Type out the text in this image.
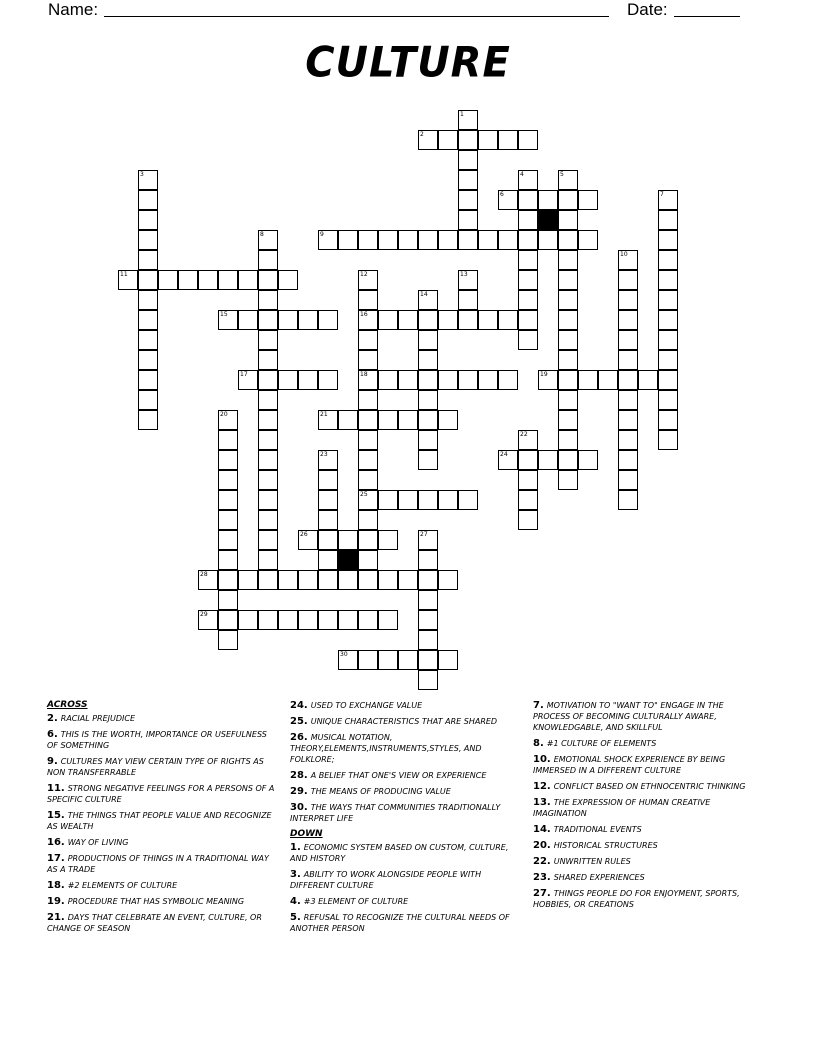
Name:	Date:
CULTURE
1
2
3	4	5
6	7
8	9
10
11	12
16
18
25
13
14
15
17	19
20	21
22
23	24
26	27
28
29
30
ACROSS
2. RACIAL PREJUDICE
6. THIS IS THE WORTH, IMPORTANCE OR USEFULNESS OF SOMETHING
9. CULTURES MAY VIEW CERTAIN TYPE OF RIGHTS AS NON TRANSFERRABLE
11. STRONG NEGATIVE FEELINGS FOR A PERSONS OF A SPECIFIC CULTURE
15. THE THINGS THAT PEOPLE VALUE AND RECOGNIZE AS WEALTH
16. WAY OF LIVING
17. PRODUCTIONS OF THINGS IN A TRADITIONAL WAY AS A TRADE
18. #2 ELEMENTS OF CULTURE
19. PROCEDURE THAT HAS SYMBOLIC MEANING
21. DAYS THAT CELEBRATE AN EVENT, CULTURE, OR CHANGE OF SEASON
24. USED TO EXCHANGE VALUE
25. UNIQUE CHARACTERISTICS THAT ARE SHARED
26. MUSICAL NOTATION, THEORY,ELEMENTS,INSTRUMENTS,STYLES, AND FOLKLORE;
28. A BELIEF THAT ONE'S VIEW OR EXPERIENCE
29. THE MEANS OF PRODUCING VALUE
30. THE WAYS THAT COMMUNITIES TRADITIONALLY INTERPRET LIFE
DOWN
1. ECONOMIC SYSTEM BASED ON CUSTOM, CULTURE, AND HISTORY
3. ABILITY TO WORK ALONGSIDE PEOPLE WITH DIFFERENT CULTURE
4. #3 ELEMENT OF CULTURE
5. REFUSAL TO RECOGNIZE THE CULTURAL NEEDS OF ANOTHER PERSON
7. MOTIVATION TO "WANT TO" ENGAGE IN THE PROCESS OF BECOMING CULTURALLY AWARE, KNOWLEDGABLE, AND SKILLFUL
8. #1 CULTURE OF ELEMENTS
10. EMOTIONAL SHOCK EXPERIENCE BY BEING IMMERSED IN A DIFFERENT CULTURE
12. CONFLICT BASED ON ETHNOCENTRIC THINKING
13. THE EXPRESSION OF HUMAN CREATIVE IMAGINATION
14. TRADITIONAL EVENTS
20. HISTORICAL STRUCTURES
22. UNWRITTEN RULES
23. SHARED EXPERIENCES
27. THINGS PEOPLE DO FOR ENJOYMENT, SPORTS, HOBBIES, OR CREATIONS
